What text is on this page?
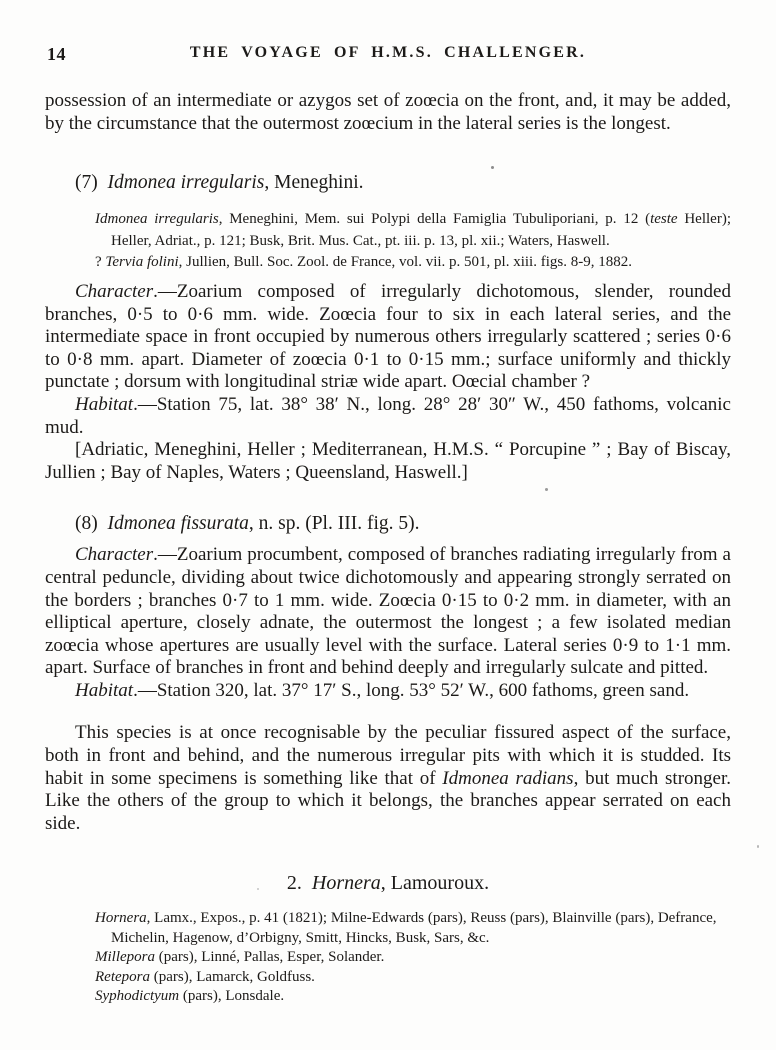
14	THE VOYAGE OF H.M.S. CHALLENGER.

possession of an intermediate or azygos set of zoœcia on the front, and, it may be added, by the circumstance that the outermost zoœcium in the lateral series is the longest.

(7)  Idmonea irregularis, Meneghini.

Idmonea irregularis, Meneghini, Mem. sui Polypi della Famiglia Tubuliporiani, p. 12 (teste Heller); Heller, Adriat., p. 121; Busk, Brit. Mus. Cat., pt. iii. p. 13, pl. xii.; Waters, Haswell.

? Tervia folini, Jullien, Bull. Soc. Zool. de France, vol. vii. p. 501, pl. xiii. figs. 8-9, 1882.

Character.—Zoarium composed of irregularly dichotomous, slender, rounded branches, 0·5 to 0·6 mm. wide. Zoœcia four to six in each lateral series, and the intermediate space in front occupied by numerous others irregularly scattered ; series 0·6 to 0·8 mm. apart. Diameter of zoœcia 0·1 to 0·15 mm.; surface uniformly and thickly punctate ; dorsum with longitudinal striæ wide apart. Oœcial chamber ?

Habitat.—Station 75, lat. 38° 38′ N., long. 28° 28′ 30″ W., 450 fathoms, volcanic mud.

[Adriatic, Meneghini, Heller ; Mediterranean, H.M.S. “ Porcupine ” ; Bay of Biscay, Jullien ; Bay of Naples, Waters ; Queensland, Haswell.]

(8)  Idmonea fissurata, n. sp. (Pl. III. fig. 5).

Character.—Zoarium procumbent, composed of branches radiating irregularly from a central peduncle, dividing about twice dichotomously and appearing strongly serrated on the borders ; branches 0·7 to 1 mm. wide. Zoœcia 0·15 to 0·2 mm. in diameter, with an elliptical aperture, closely adnate, the outermost the longest ; a few isolated median zoœcia whose apertures are usually level with the surface. Lateral series 0·9 to 1·1 mm. apart. Surface of branches in front and behind deeply and irregularly sulcate and pitted.

Habitat.—Station 320, lat. 37° 17′ S., long. 53° 52′ W., 600 fathoms, green sand.

This species is at once recognisable by the peculiar fissured aspect of the surface, both in front and behind, and the numerous irregular pits with which it is studded. Its habit in some specimens is something like that of Idmonea radians, but much stronger. Like the others of the group to which it belongs, the branches appear serrated on each side.

2.  Hornera, Lamouroux.

Hornera, Lamx., Expos., p. 41 (1821); Milne-Edwards (pars), Reuss (pars), Blainville (pars), Defrance, Michelin, Hagenow, d’Orbigny, Smitt, Hincks, Busk, Sars, &c.

Millepora (pars), Linné, Pallas, Esper, Solander.

Retepora (pars), Lamarck, Goldfuss.

Syphodictyum (pars), Lonsdale.
